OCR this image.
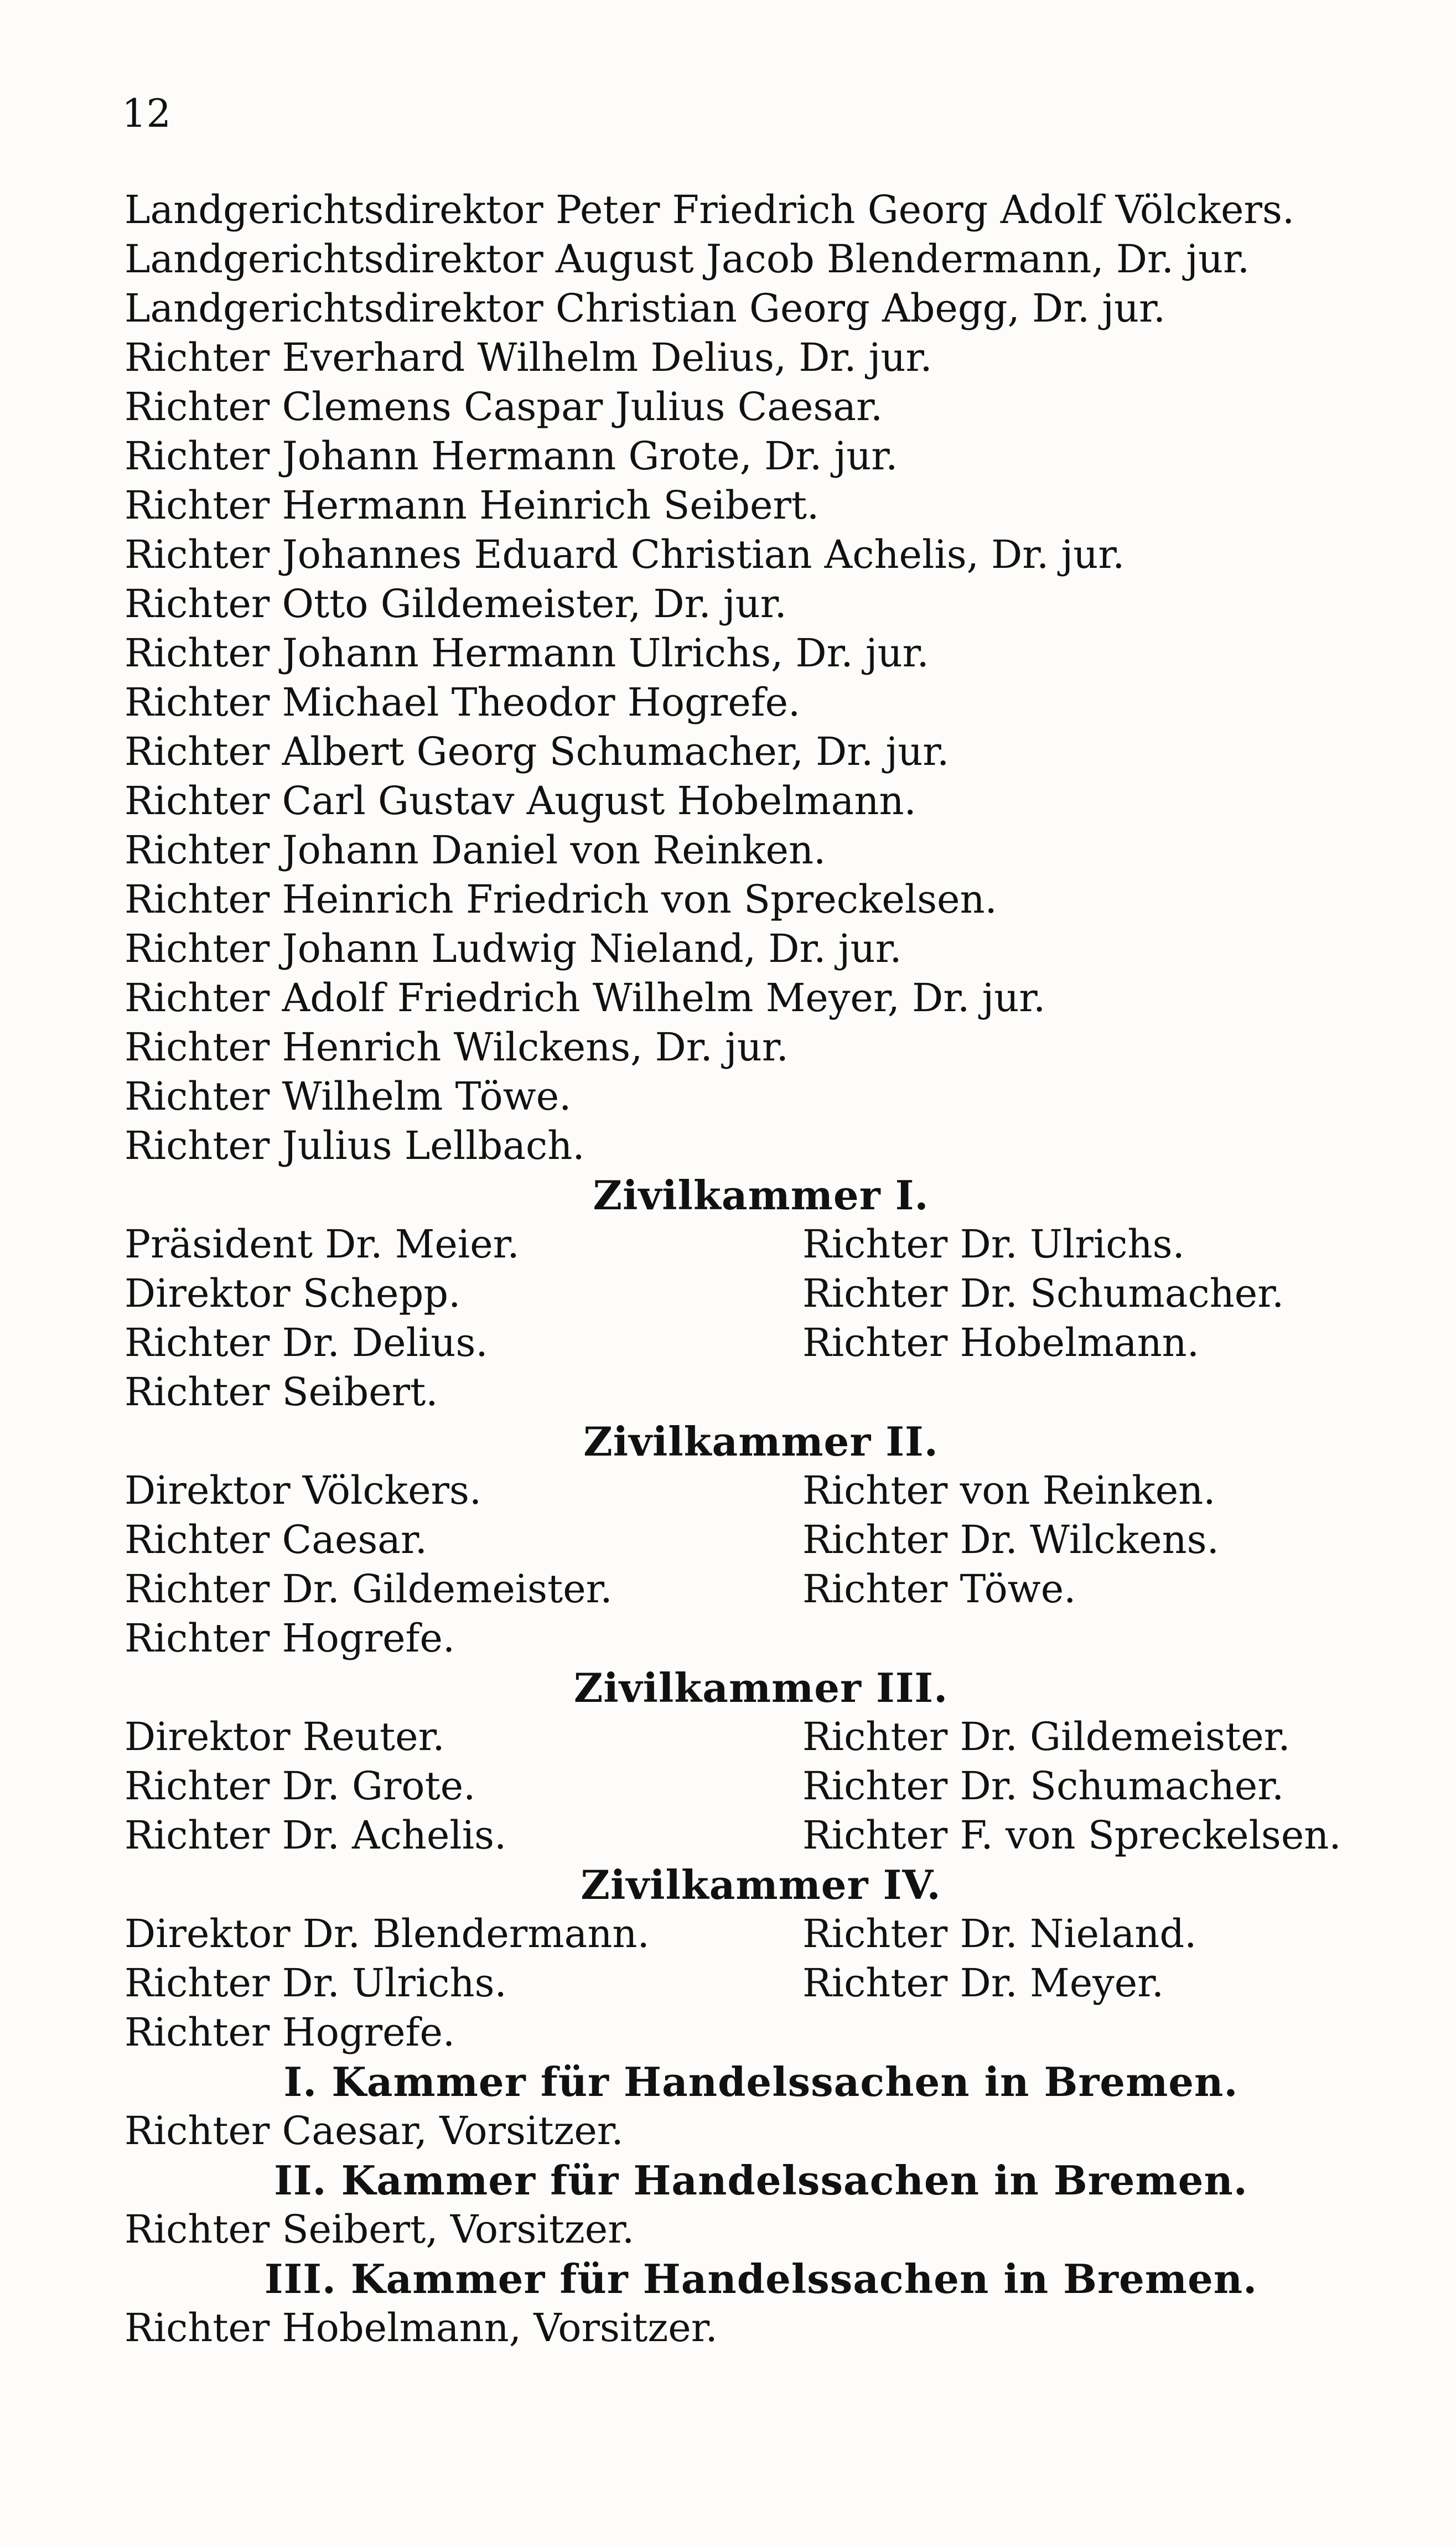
12
Landgerichtsdirektor Peter Friedrich Georg Adolf Völckers.
Landgerichtsdirektor August Jacob Blendermann, Dr. jur.
Landgerichtsdirektor Christian Georg Abegg, Dr. jur.
Richter Everhard Wilhelm Delius, Dr. jur.
Richter Clemens Caspar Julius Caesar.
Richter Johann Hermann Grote, Dr. jur.
Richter Hermann Heinrich Seibert.
Richter Johannes Eduard Christian Achelis, Dr. jur.
Richter Otto Gildemeister, Dr. jur.
Richter Johann Hermann Ulrichs, Dr. jur.
Richter Michael Theodor Hogrefe.
Richter Albert Georg Schumacher, Dr. jur.
Richter Carl Gustav August Hobelmann.
Richter Johann Daniel von Reinken.
Richter Heinrich Friedrich von Spreckelsen.
Richter Johann Ludwig Nieland, Dr. jur.
Richter Adolf Friedrich Wilhelm Meyer, Dr. jur.
Richter Henrich Wilckens, Dr. jur.
Richter Wilhelm Töwe.
Richter Julius Lellbach.
Zivilkammer I.
Präsident Dr. Meier.	Richter Dr. Ulrichs.
Direktor Schepp.	Richter Dr. Schumacher.
Richter Dr. Delius.	Richter Hobelmann.
Richter Seibert.
Zivilkammer II.
Direktor Völckers.	Richter von Reinken.
Richter Caesar.	Richter Dr. Wilckens.
Richter Dr. Gildemeister.	Richter Töwe.
Richter Hogrefe.
Zivilkammer III.
Direktor Reuter.	Richter Dr. Gildemeister.
Richter Dr. Grote.	Richter Dr. Schumacher.
Richter Dr. Achelis.	Richter F. von Spreckelsen.
Zivilkammer IV.
Direktor Dr. Blendermann.	Richter Dr. Nieland.
Richter Dr. Ulrichs.	Richter Dr. Meyer.
Richter Hogrefe.
I. Kammer für Handelssachen in Bremen.
Richter Caesar, Vorsitzer.
II. Kammer für Handelssachen in Bremen.
Richter Seibert, Vorsitzer.
III. Kammer für Handelssachen in Bremen.
Richter Hobelmann, Vorsitzer.
